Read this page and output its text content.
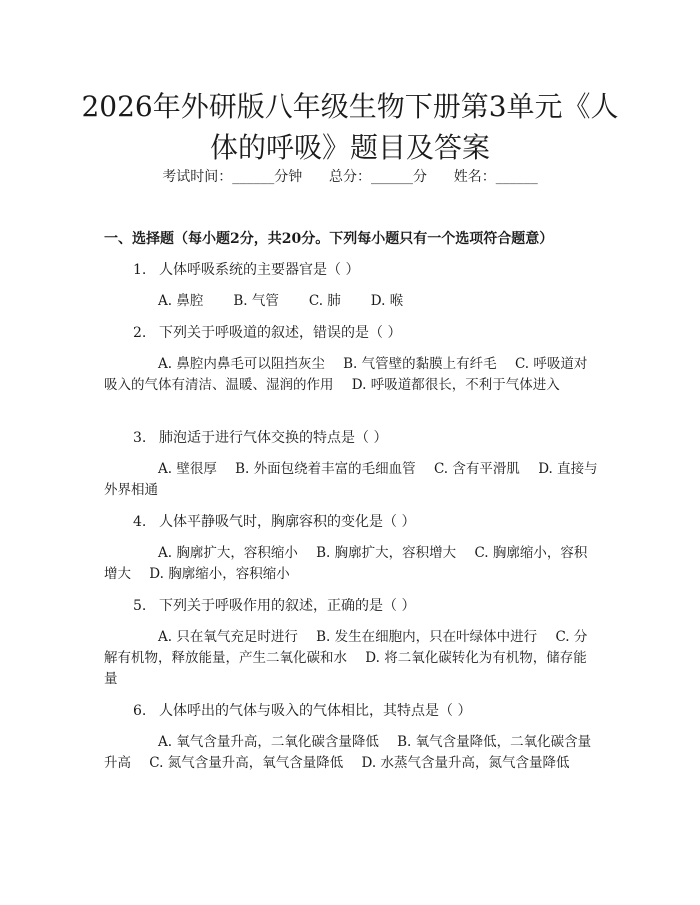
2026年外研版八年级生物下册第3单元《人
体的呼吸》题目及答案
考试时间：______分钟      总分：______分      姓名：______
一、选择题（每小题2分，共20分。下列每小题只有一个选项符合题意）
1. 人体呼吸系统的主要器官是（ ）
A. 鼻腔 B. 气管 C. 肺 D. 喉
2. 下列关于呼吸道的叙述，错误的是（ ）
A. 鼻腔内鼻毛可以阻挡灰尘 B. 气管壁的黏膜上有纤毛 C. 呼吸道对吸入的气体有清洁、温暖、湿润的作用 D. 呼吸道都很长，不利于气体进入
3. 肺泡适于进行气体交换的特点是（ ）
A. 壁很厚 B. 外面包绕着丰富的毛细血管 C. 含有平滑肌 D. 直接与外界相通
4. 人体平静吸气时，胸廓容积的变化是（ ）
A. 胸廓扩大，容积缩小 B. 胸廓扩大，容积增大 C. 胸廓缩小，容积增大 D. 胸廓缩小，容积缩小
5. 下列关于呼吸作用的叙述，正确的是（ ）
A. 只在氧气充足时进行 B. 发生在细胞内，只在叶绿体中进行 C. 分解有机物，释放能量，产生二氧化碳和水 D. 将二氧化碳转化为有机物，储存能量
6. 人体呼出的气体与吸入的气体相比，其特点是（ ）
A. 氧气含量升高，二氧化碳含量降低 B. 氧气含量降低，二氧化碳含量升高 C. 氮气含量升高，氧气含量降低 D. 水蒸气含量升高，氮气含量降低
